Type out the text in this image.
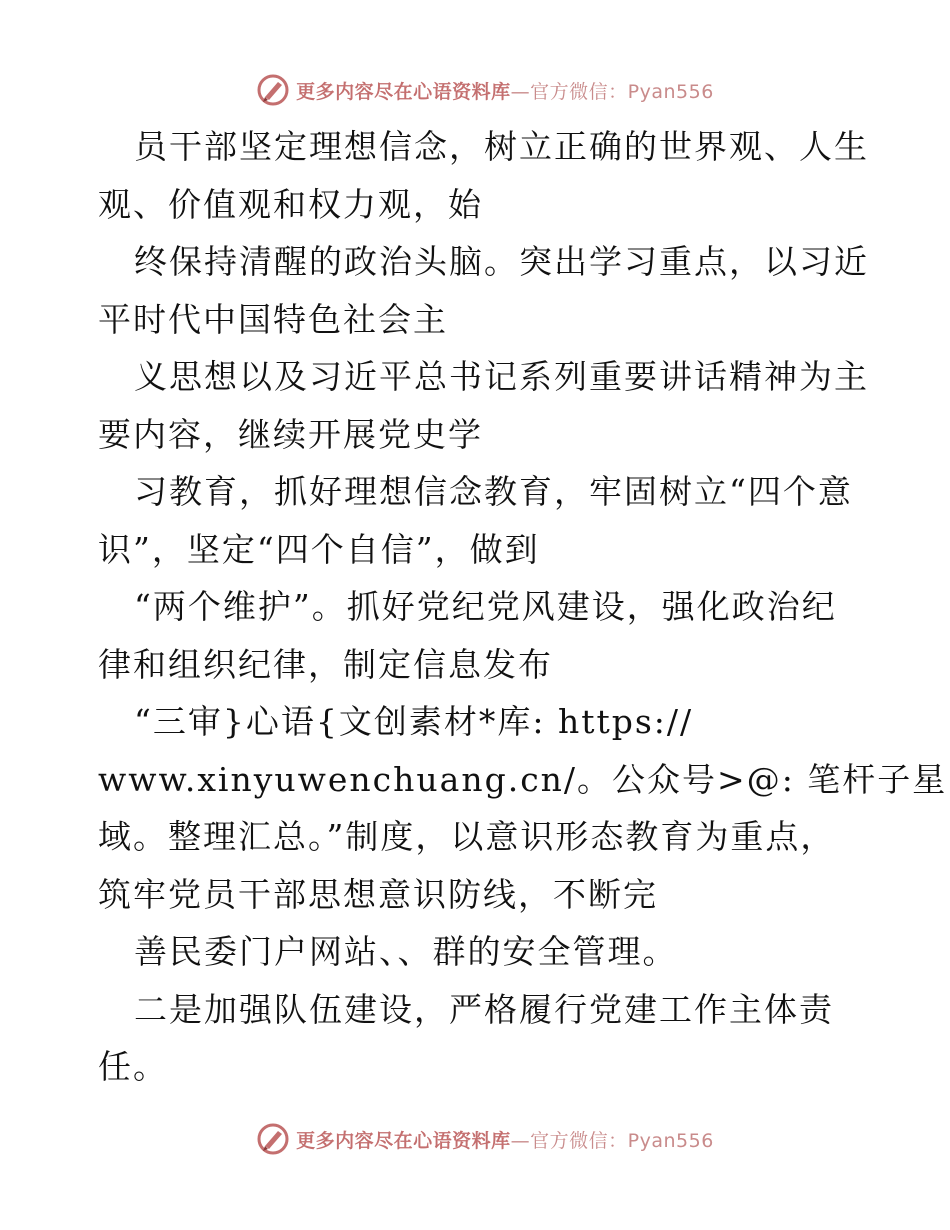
更多内容尽在心语资料库—官方微信：Pyan556
员干部坚定理想信念，树立正确的世界观、人生
观、价值观和权力观，始
终保持清醒的政治头脑。突出学习重点，以习近
平时代中国特色社会主
义思想以及习近平总书记系列重要讲话精神为主
要内容，继续开展党史学
习教育，抓好理想信念教育，牢固树立“四个意
识”，坚定“四个自信”，做到
“两个维护”。抓好党纪党风建设，强化政治纪
律和组织纪律，制定信息发布
“三审}心语{文创素材*库: https://
www.xinyuwenchuang.cn/。公众号>@: 笔杆子星
域。整理汇总。”制度，以意识形态教育为重点，
筑牢党员干部思想意识防线，不断完
善民委门户网站、、群的安全管理。
二是加强队伍建设，严格履行党建工作主体责
任。
更多内容尽在心语资料库—官方微信：Pyan556
